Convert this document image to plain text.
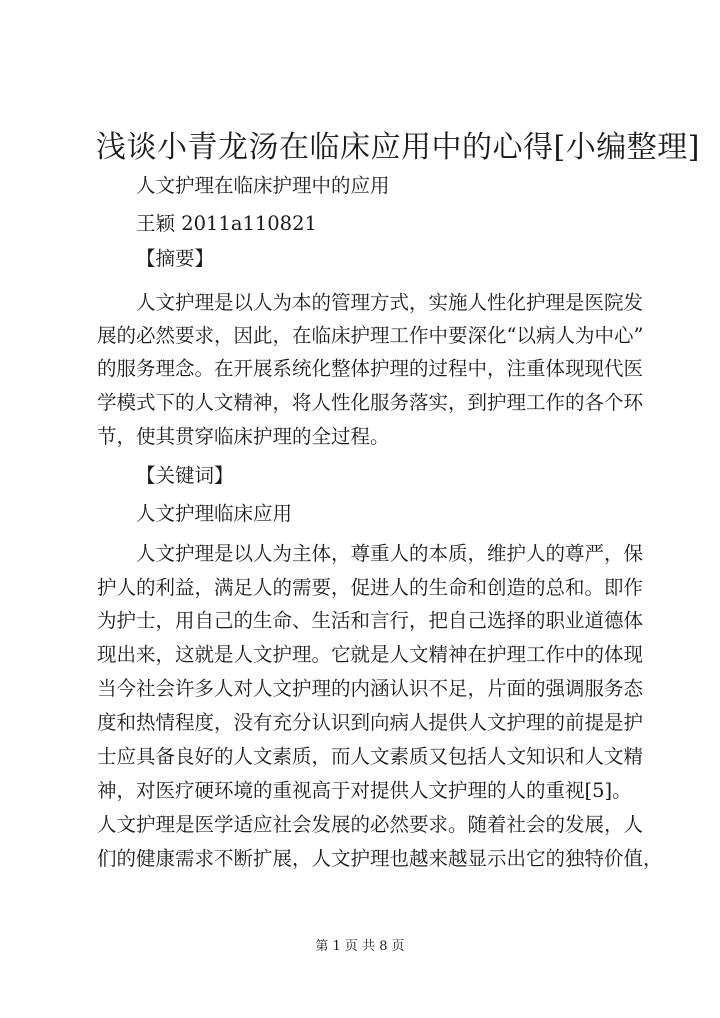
浅谈小青龙汤在临床应用中的心得[小编整理]
人文护理在临床护理中的应用
王颖 2011a110821
【摘要】
人文护理是以人为本的管理方式，实施人性化护理是医院发
展的必然要求，因此，在临床护理工作中要深化“以病人为中心”
的服务理念。在开展系统化整体护理的过程中，注重体现现代医
学模式下的人文精神，将人性化服务落实，到护理工作的各个环
节，使其贯穿临床护理的全过程。
【关键词】
人文护理临床应用
人文护理是以人为主体，尊重人的本质，维护人的尊严，保
护人的利益，满足人的需要，促进人的生命和创造的总和。即作
为护士，用自己的生命、生活和言行，把自己选择的职业道德体
现出来，这就是人文护理。它就是人文精神在护理工作中的体现
当今社会许多人对人文护理的内涵认识不足，片面的强调服务态
度和热情程度，没有充分认识到向病人提供人文护理的前提是护
士应具备良好的人文素质，而人文素质又包括人文知识和人文精
神，对医疗硬环境的重视高于对提供人文护理的人的重视[5]。
人文护理是医学适应社会发展的必然要求。随着社会的发展，人
们的健康需求不断扩展，人文护理也越来越显示出它的独特价值，
第 1 页 共 8 页
